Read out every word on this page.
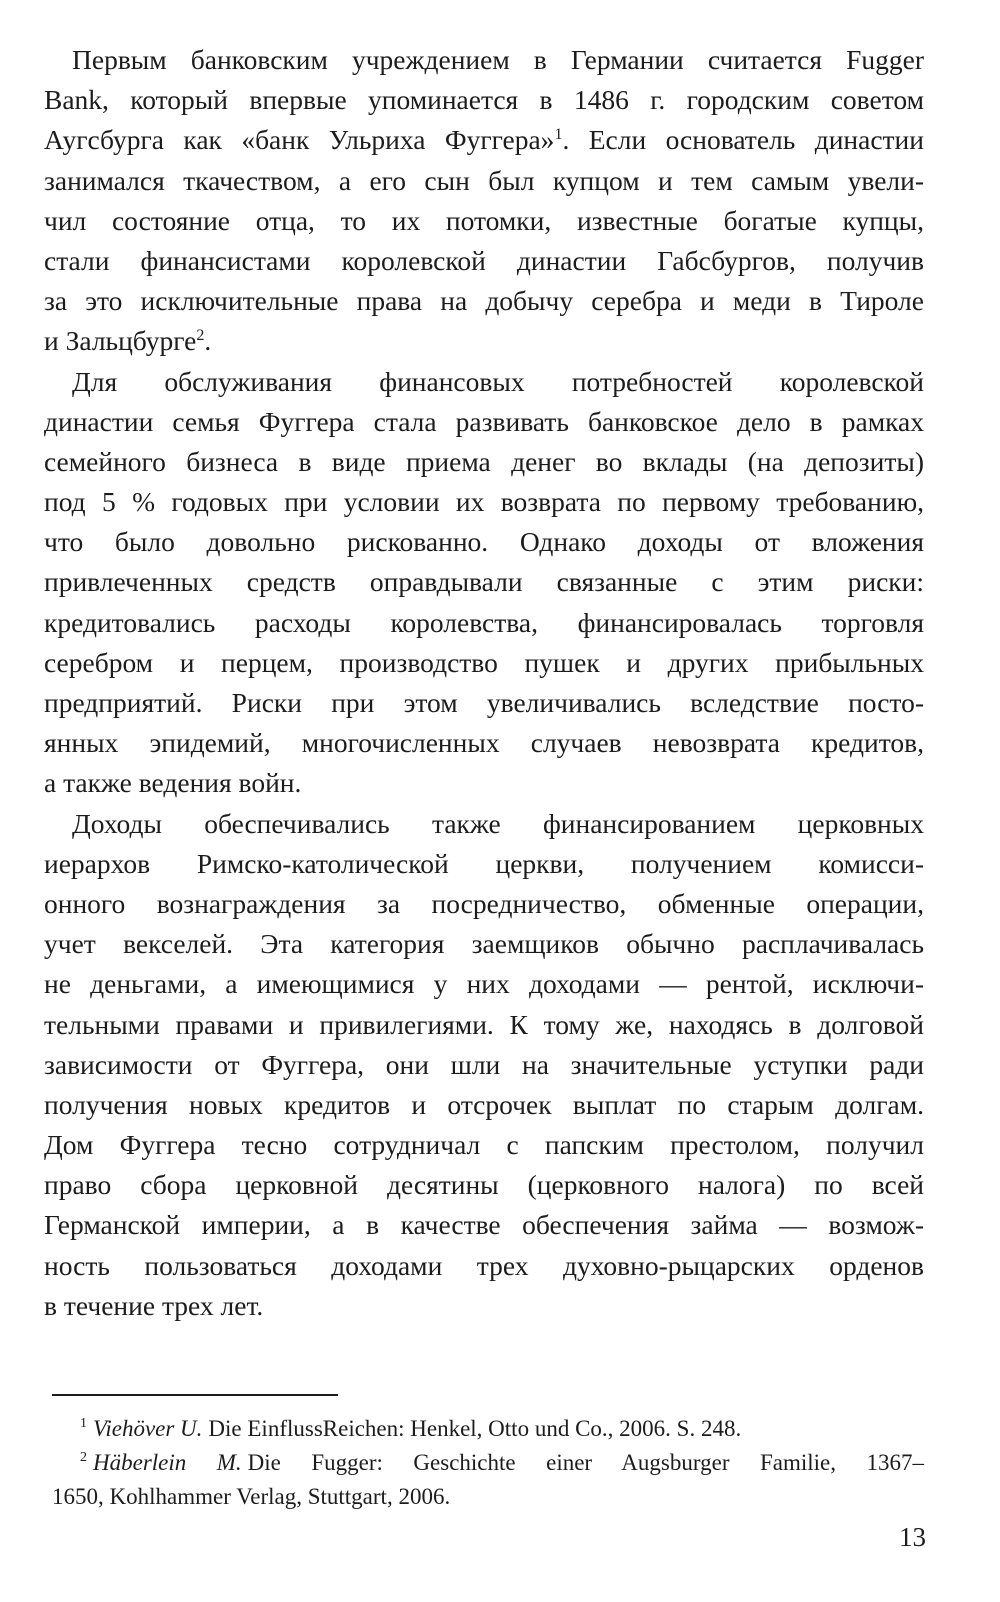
Первым банковским учреждением в Германии считается Fugger
Bank, который впервые упоминается в 1486 г. городским советом
Аугсбурга как «банк Ульриха Фуггера»$^1$. Если основатель династии
занимался ткачеством, а его сын был купцом и тем самым увели-
чил состояние отца, то их потомки, известные богатые купцы,
стали финансистами королевской династии Габсбургов, получив
за это исключительные права на добычу серебра и меди в Тироле
и Зальцбурге$^2$.
Для обслуживания финансовых потребностей королевской
династии семья Фуггера стала развивать банковское дело в рамках
семейного бизнеса в виде приема денег во вклады (на депозиты)
под 5 % годовых при условии их возврата по первому требованию,
что было довольно рискованно. Однако доходы от вложения
привлеченных средств оправдывали связанные с этим риски:
кредитовались расходы королевства, финансировалась торговля
серебром и перцем, производство пушек и других прибыльных
предприятий. Риски при этом увеличивались вследствие посто-
янных эпидемий, многочисленных случаев невозврата кредитов,
а также ведения войн.
Доходы обеспечивались также финансированием церковных
иерархов Римско-католической церкви, получением комисси-
онного вознаграждения за посредничество, обменные операции,
учет векселей. Эта категория заемщиков обычно расплачивалась
не деньгами, а имеющимися у них доходами — рентой, исключи-
тельными правами и привилегиями. К тому же, находясь в долговой
зависимости от Фуггера, они шли на значительные уступки ради
получения новых кредитов и отсрочек выплат по старым долгам.
Дом Фуггера тесно сотрудничал с папским престолом, получил
право сбора церковной десятины (церковного налога) по всей
Германской империи, а в качестве обеспечения займа — возмож-
ность пользоваться доходами трех духовно-рыцарских орденов
в течение трех лет.
$^1$ Viehöver U. Die EinflussReichen: Henkel, Otto und Co., 2006. S. 248.
$^2$ Häberlein M. Die Fugger: Geschichte einer Augsburger Familie, 1367–
1650, Kohlhammer Verlag, Stuttgart, 2006.
13
